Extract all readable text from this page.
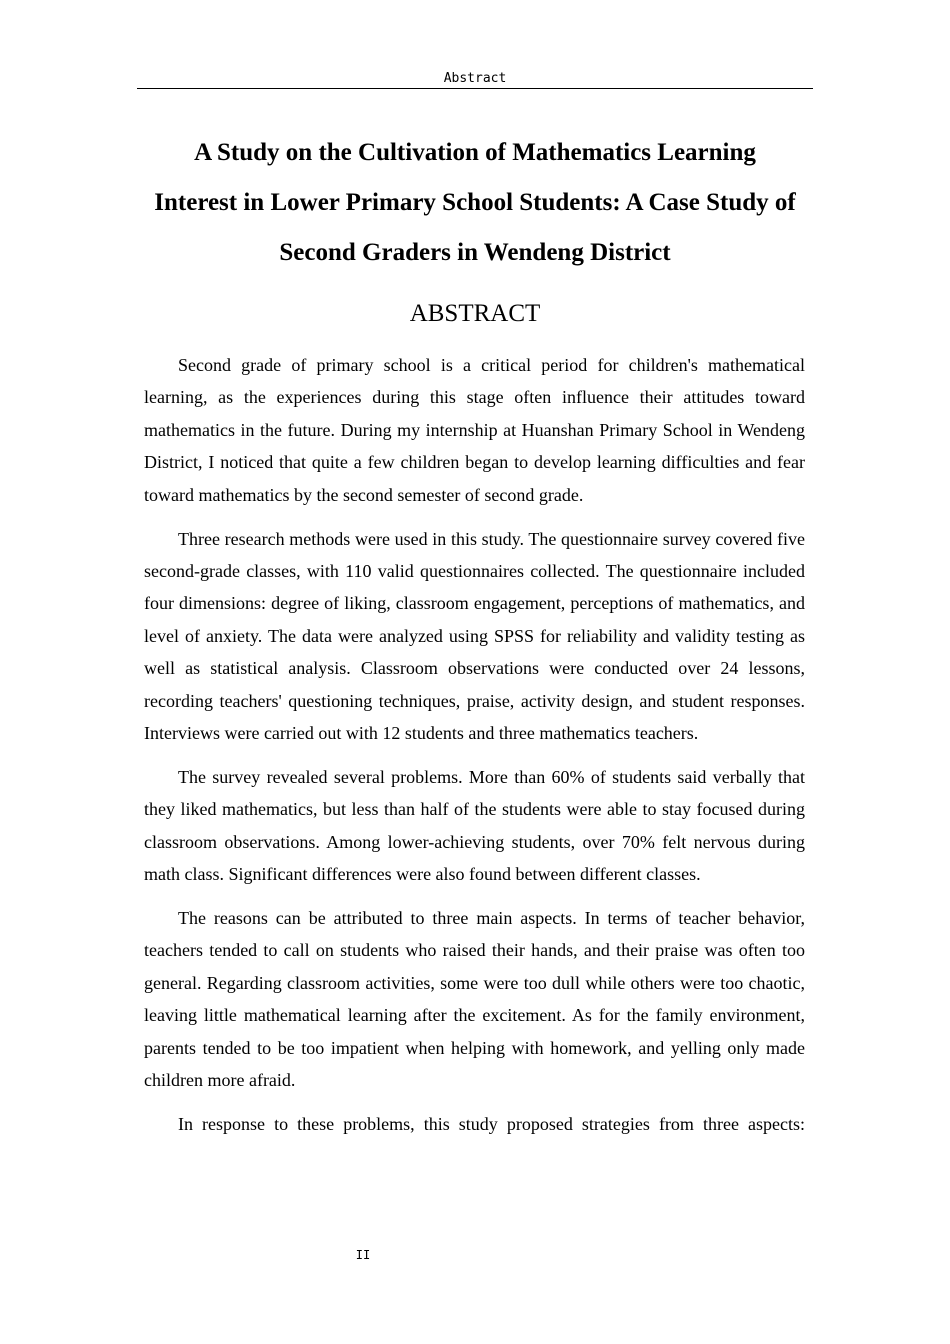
Abstract
A Study on the Cultivation of Mathematics Learning
Interest in Lower Primary School Students: A Case Study of
Second Graders in Wendeng District
ABSTRACT

Second grade of primary school is a critical period for children's mathematical learning, as the experiences during this stage often influence their attitudes toward mathematics in the future. During my internship at Huanshan Primary School in Wendeng District, I noticed that quite a few children began to develop learning difficulties and fear toward mathematics by the second semester of second grade.

Three research methods were used in this study. The questionnaire survey covered five second-grade classes, with 110 valid questionnaires collected. The questionnaire included four dimensions: degree of liking, classroom engagement, perceptions of mathematics, and level of anxiety. The data were analyzed using SPSS for reliability and validity testing as well as statistical analysis. Classroom observations were conducted over 24 lessons, recording teachers' questioning techniques, praise, activity design, and student responses. Interviews were carried out with 12 students and three mathematics teachers.

The survey revealed several problems. More than 60% of students said verbally that they liked mathematics, but less than half of the students were able to stay focused during classroom observations. Among lower-achieving students, over 70% felt nervous during math class. Significant differences were also found between different classes.

The reasons can be attributed to three main aspects. In terms of teacher behavior, teachers tended to call on students who raised their hands, and their praise was often too general. Regarding classroom activities, some were too dull while others were too chaotic, leaving little mathematical learning after the excitement. As for the family environment, parents tended to be too impatient when helping with homework, and yelling only made children more afraid.

In response to these problems, this study proposed strategies from three aspects:

II
